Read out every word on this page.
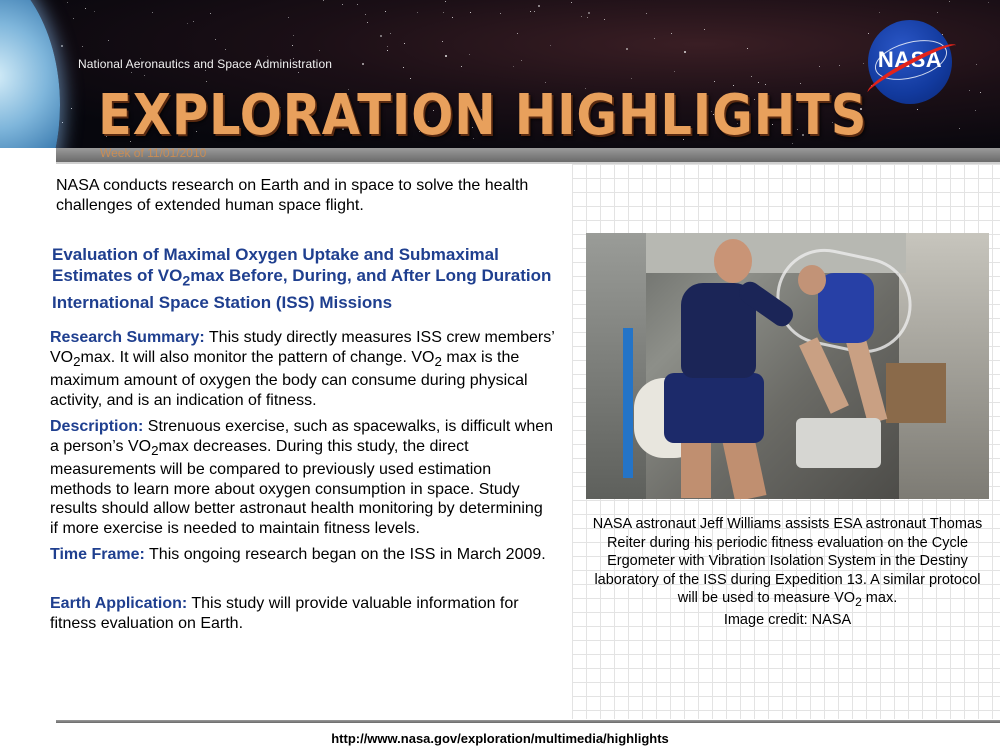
National Aeronautics and Space Administration
EXPLORATION HIGHLIGHTS
NASA
Week of 11/01/2010
NASA conducts research on Earth and in space to solve the health challenges of extended human space flight.
Evaluation of Maximal Oxygen Uptake and Submaximal Estimates of $VO_2\max$ Before, During, and After Long Duration International Space Station (ISS) Missions
Research Summary: This study directly measures ISS crew members’ $VO_2\max$. It will also monitor the pattern of change. $VO_2$ max is the maximum amount of oxygen the body can consume during physical activity, and is an indication of fitness.
Description: Strenuous exercise, such as spacewalks, is difficult when a person’s $VO_2\max$ decreases. During this study, the direct measurements will be compared to previously used estimation methods to learn more about oxygen consumption in space. Study results should allow better astronaut health monitoring by determining if more exercise is needed to maintain fitness levels.
Time Frame: This ongoing research began on the ISS in March 2009.
Earth Application: This study will provide valuable information for fitness evaluation on Earth.
NASA astronaut Jeff Williams assists ESA astronaut Thomas Reiter during his periodic fitness evaluation on the Cycle Ergometer with Vibration Isolation System in the Destiny laboratory of the ISS during Expedition 13. A similar protocol will be used to measure $VO_2$ max.
Image credit: NASA
http://www.nasa.gov/exploration/multimedia/highlights
